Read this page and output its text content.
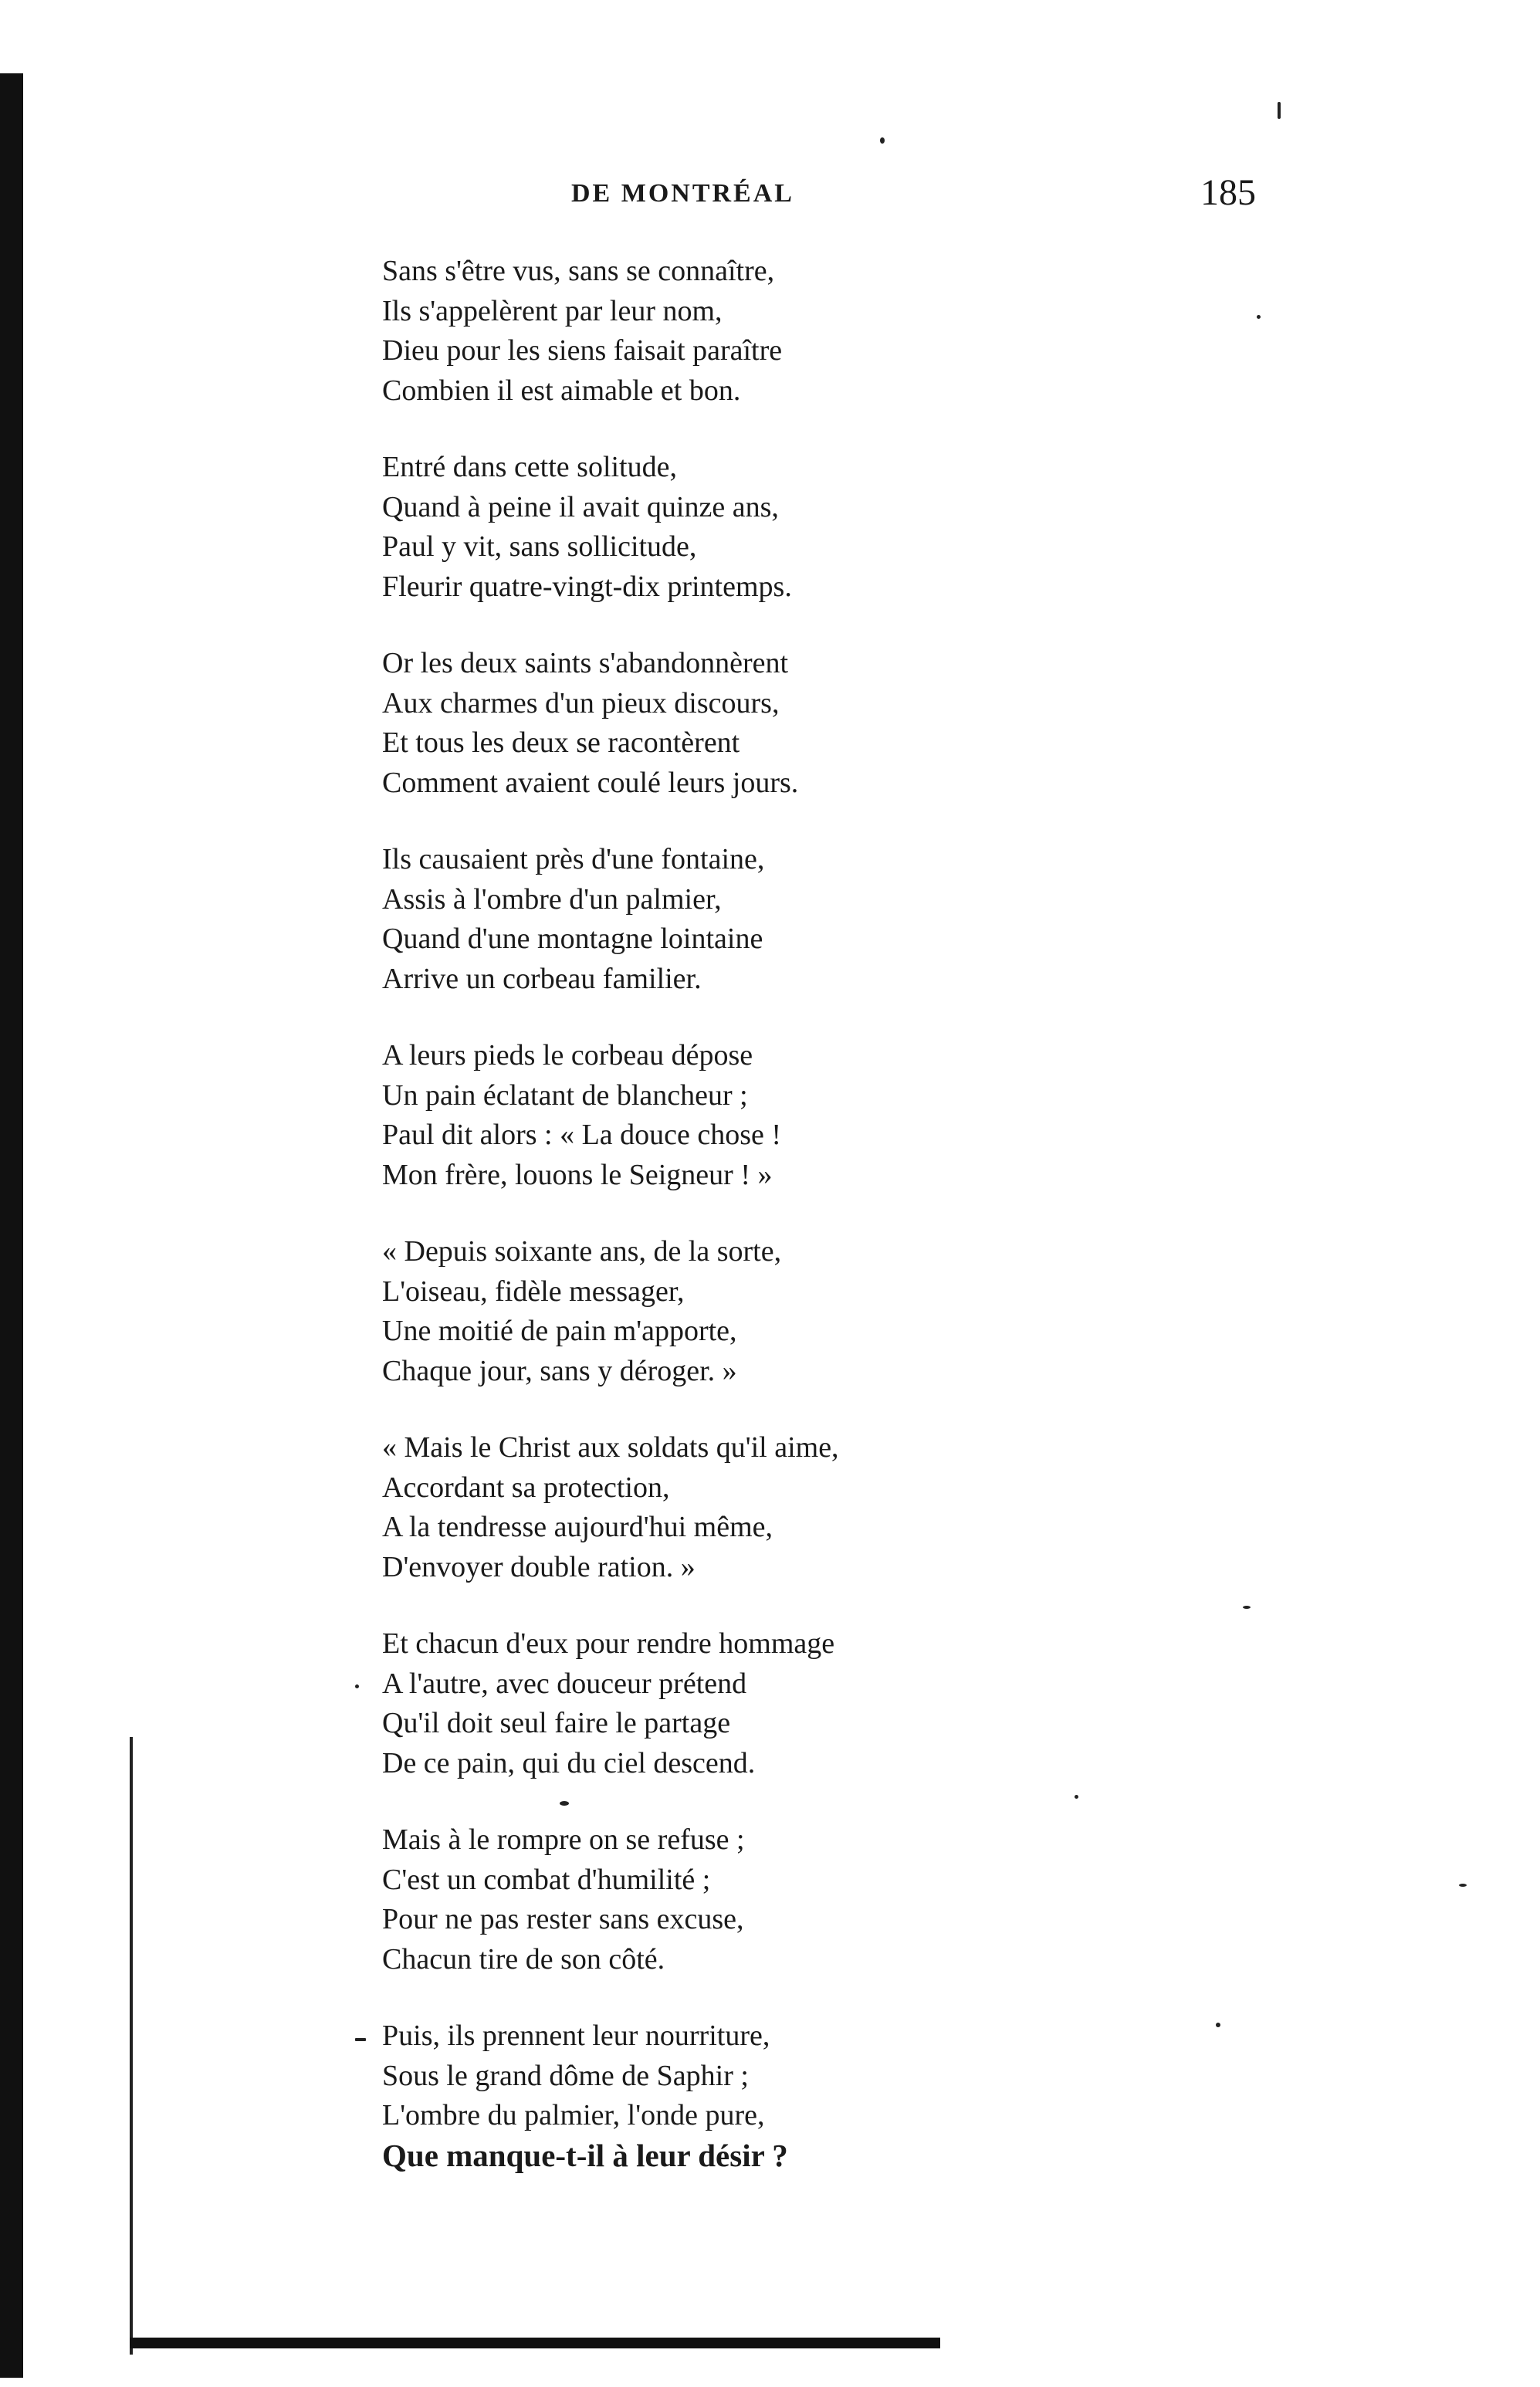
DE MONTRÉAL	185
Sans s'être vus, sans se connaître,
Ils s'appelèrent par leur nom,
Dieu pour les siens faisait paraître
Combien il est aimable et bon.
Entré dans cette solitude,
Quand à peine il avait quinze ans,
Paul y vit, sans sollicitude,
Fleurir quatre-vingt-dix printemps.
Or les deux saints s'abandonnèrent
Aux charmes d'un pieux discours,
Et tous les deux se racontèrent
Comment avaient coulé leurs jours.
Ils causaient près d'une fontaine,
Assis à l'ombre d'un palmier,
Quand d'une montagne lointaine
Arrive un corbeau familier.
A leurs pieds le corbeau dépose
Un pain éclatant de blancheur ;
Paul dit alors : « La douce chose !
Mon frère, louons le Seigneur ! »
« Depuis soixante ans, de la sorte,
L'oiseau, fidèle messager,
Une moitié de pain m'apporte,
Chaque jour, sans y déroger. »
« Mais le Christ aux soldats qu'il aime,
Accordant sa protection,
A la tendresse aujourd'hui même,
D'envoyer double ration. »
Et chacun d'eux pour rendre hommage
A l'autre, avec douceur prétend
Qu'il doit seul faire le partage
De ce pain, qui du ciel descend.
Mais à le rompre on se refuse ;
C'est un combat d'humilité ;
Pour ne pas rester sans excuse,
Chacun tire de son côté.
Puis, ils prennent leur nourriture,
Sous le grand dôme de Saphir ;
L'ombre du palmier, l'onde pure,
Que manque-t-il à leur désir ?
